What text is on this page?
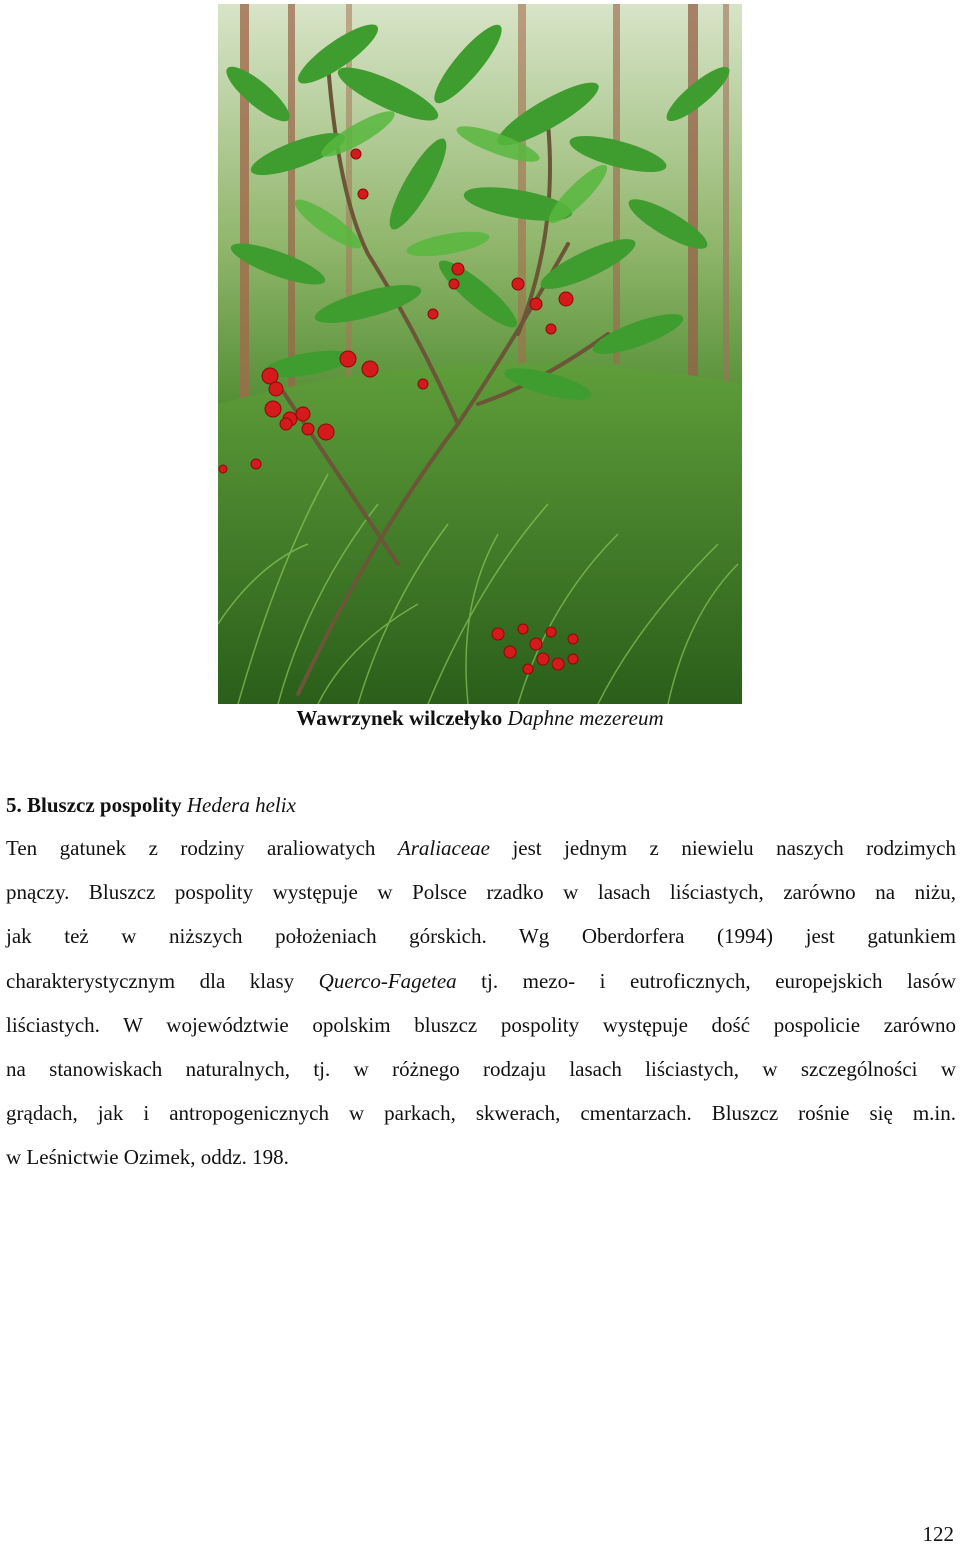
Wawrzynek wilczełyko Daphne mezereum

5. Bluszcz pospolity Hedera helix
Ten gatunek z rodziny araliowatych Araliaceae jest jednym z niewielu naszych rodzimych
pnączy. Bluszcz pospolity występuje w Polsce rzadko w lasach liściastych, zarówno na niżu,
jak też w niższych położeniach górskich. Wg Oberdorfera (1994) jest gatunkiem
charakterystycznym dla klasy Querco-Fagetea tj. mezo- i eutroficznych, europejskich lasów
liściastych. W województwie opolskim bluszcz pospolity występuje dość pospolicie zarówno
na stanowiskach naturalnych, tj. w różnego rodzaju lasach liściastych, w szczególności w
grądach, jak i antropogenicznych w parkach, skwerach, cmentarzach. Bluszcz rośnie się m.in.
w Leśnictwie Ozimek, oddz. 198.

122
